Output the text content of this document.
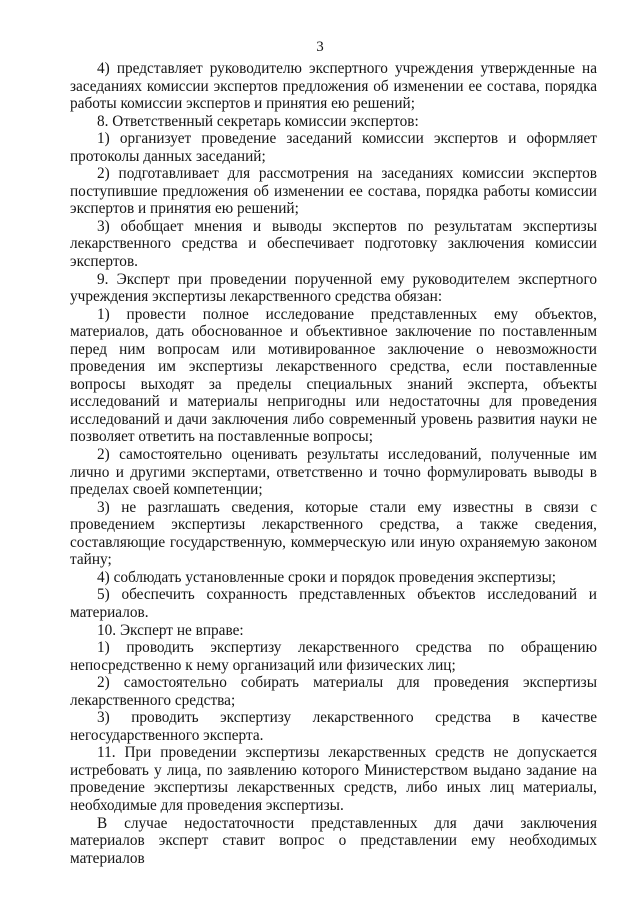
3

4) представляет руководителю экспертного учреждения утвержденные на заседаниях комиссии экспертов предложения об изменении ее состава, порядка работы комиссии экспертов и принятия ею решений;

8. Ответственный секретарь комиссии экспертов:

1) организует проведение заседаний комиссии экспертов и оформляет протоколы данных заседаний;

2) подготавливает для рассмотрения на заседаниях комиссии экспертов поступившие предложения об изменении ее состава, порядка работы комиссии экспертов и принятия ею решений;

3) обобщает мнения и выводы экспертов по результатам экспертизы лекарственного средства и обеспечивает подготовку заключения комиссии экспертов.

9. Эксперт при проведении порученной ему руководителем экспертного учреждения экспертизы лекарственного средства обязан:

1) провести полное исследование представленных ему объектов, материалов, дать обоснованное и объективное заключение по поставленным перед ним вопросам или мотивированное заключение о невозможности проведения им экспертизы лекарственного средства, если поставленные вопросы выходят за пределы специальных знаний эксперта, объекты исследований и материалы непригодны или недостаточны для проведения исследований и дачи заключения либо современный уровень развития науки не позволяет ответить на поставленные вопросы;

2) самостоятельно оценивать результаты исследований, полученные им лично и другими экспертами, ответственно и точно формулировать выводы в пределах своей компетенции;

3) не разглашать сведения, которые стали ему известны в связи с проведением экспертизы лекарственного средства, а также сведения, составляющие государственную, коммерческую или иную охраняемую законом тайну;

4) соблюдать установленные сроки и порядок проведения экспертизы;

5) обеспечить сохранность представленных объектов исследований и материалов.

10. Эксперт не вправе:

1) проводить экспертизу лекарственного средства по обращению непосредственно к нему организаций или физических лиц;

2) самостоятельно собирать материалы для проведения экспертизы лекарственного средства;

3) проводить экспертизу лекарственного средства в качестве негосударственного эксперта.

11. При проведении экспертизы лекарственных средств не допускается истребовать у лица, по заявлению которого Министерством выдано задание на проведение экспертизы лекарственных средств, либо иных лиц материалы, необходимые для проведения экспертизы.

В случае недостаточности представленных для дачи заключения материалов эксперт ставит вопрос о представлении ему необходимых материалов
